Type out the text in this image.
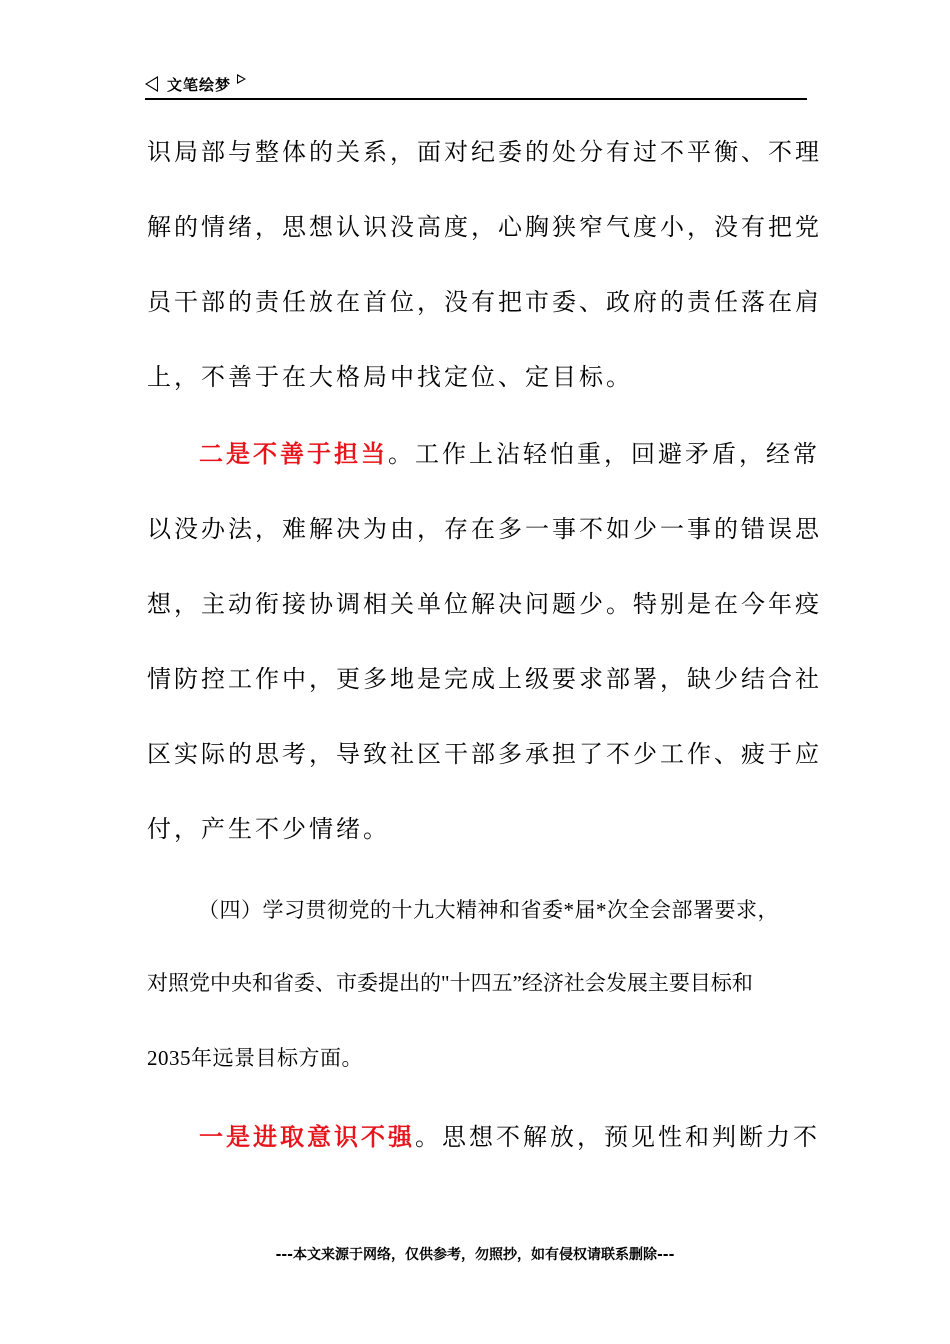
文笔绘梦
识局部与整体的关系，面对纪委的处分有过不平衡、不理
解的情绪，思想认识没高度，心胸狭窄气度小，没有把党
员干部的责任放在首位，没有把市委、政府的责任落在肩
上，不善于在大格局中找定位、定目标。
二是不善于担当。工作上沾轻怕重，回避矛盾，经常
以没办法，难解决为由，存在多一事不如少一事的错误思
想，主动衔接协调相关单位解决问题少。特别是在今年疫
情防控工作中，更多地是完成上级要求部署，缺少结合社
区实际的思考，导致社区干部多承担了不少工作、疲于应
付，产生不少情绪。
（四）学习贯彻党的十九大精神和省委*届*次全会部署要求，
对照党中央和省委、市委提出的"十四五”经济社会发展主要目标和
2035年远景目标方面。
一是进取意识不强。思想不解放，预见性和判断力不
---本文来源于网络，仅供参考，勿照抄，如有侵权请联系删除---
